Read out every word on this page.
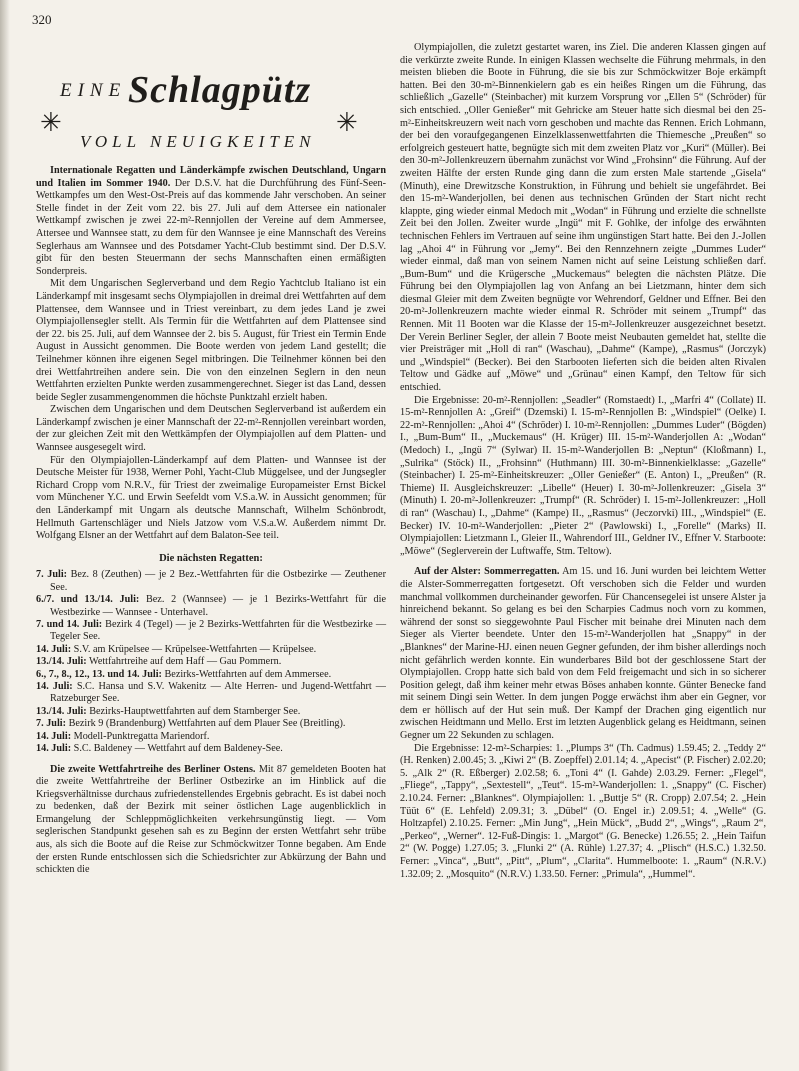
320
EINE Schlagpütz
✳	✳
VOLL NEUIGKEITEN

Internationale Regatten und Länderkämpfe zwischen Deutschland, Ungarn und Italien im Sommer 1940. Der D.S.V. hat die Durchführung des Fünf-Seen-Wettkampfes um den West-Ost-Preis auf das kommende Jahr verschoben. An seiner Stelle findet in der Zeit vom 22. bis 27. Juli auf dem Attersee ein nationaler Wettkampf zwischen je zwei 22-m²-Rennjollen der Vereine auf dem Ammersee, Attersee und Wannsee statt, zu dem für den Wannsee je eine Mannschaft des Vereins Seglerhaus am Wannsee und des Potsdamer Yacht-Club bestimmt sind. Der D.S.V. gibt für den besten Steuermann der sechs Mannschaften einen ermäßigten Sonderpreis.

Mit dem Ungarischen Seglerverband und dem Regio Yachtclub Italiano ist ein Länderkampf mit insgesamt sechs Olympiajollen in dreimal drei Wettfahrten auf dem Plattensee, dem Wannsee und in Triest vereinbart, zu dem jedes Land je zwei Olympiajollensegler stellt. Als Termin für die Wettfahrten auf dem Plattensee sind der 22. bis 25. Juli, auf dem Wannsee der 2. bis 5. August, für Triest ein Termin Ende August in Aussicht genommen. Die Boote werden von jedem Land gestellt; die Teilnehmer können ihre eigenen Segel mitbringen. Die Teilnehmer können bei den drei Wettfahrtreihen andere sein. Die von den einzelnen Seglern in den neun Wettfahrten erzielten Punkte werden zusammengerechnet. Sieger ist das Land, dessen beide Segler zusammengenommen die höchste Punktzahl erzielt haben.

Zwischen dem Ungarischen und dem Deutschen Seglerverband ist außerdem ein Länderkampf zwischen je einer Mannschaft der 22-m²-Rennjollen vereinbart worden, der zur gleichen Zeit mit den Wettkämpfen der Olympiajollen auf dem Platten- und Wannsee ausgesegelt wird.

Für den Olympiajollen-Länderkampf auf dem Platten- und Wannsee ist der Deutsche Meister für 1938, Werner Pohl, Yacht-Club Müggelsee, und der Jungsegler Richard Cropp vom N.R.V., für Triest der zweimalige Europameister Ernst Bickel vom Münchener Y.C. und Erwin Seefeldt vom V.S.a.W. in Aussicht genommen; für den Länderkampf mit Ungarn als deutsche Mannschaft, Wilhelm Schönbrodt, Hellmuth Gartenschläger und Niels Jatzow vom V.S.a.W. Außerdem nimmt Dr. Wolfgang Elsner an der Wettfahrt auf dem Balaton-See teil.

Die nächsten Regatten:
7. Juli: Bez. 8 (Zeuthen) — je 2 Bez.-Wettfahrten für die Ostbezirke — Zeuthener See.
6./7. und 13./14. Juli: Bez. 2 (Wannsee) — je 1 Bezirks-Wettfahrt für die Westbezirke — Wannsee - Unterhavel.
7. und 14. Juli: Bezirk 4 (Tegel) — je 2 Bezirks-Wettfahrten für die Westbezirke — Tegeler See.
14. Juli: S.V. am Krüpelsee — Krüpelsee-Wettfahrten — Krüpelsee.
13./14. Juli: Wettfahrtreihe auf dem Haff — Gau Pommern.
6., 7., 8., 12., 13. und 14. Juli: Bezirks-Wettfahrten auf dem Ammersee.
14. Juli: S.C. Hansa und S.V. Wakenitz — Alte Herren- und Jugend-Wettfahrt — Ratzeburger See.
13./14. Juli: Bezirks-Hauptwettfahrten auf dem Starnberger See.
7. Juli: Bezirk 9 (Brandenburg) Wettfahrten auf dem Plauer See (Breitling).
14. Juli: Modell-Punktregatta Mariendorf.
14. Juli: S.C. Baldeney — Wettfahrt auf dem Baldeney-See.

Die zweite Wettfahrtreihe des Berliner Ostens. Mit 87 gemeldeten Booten hat die zweite Wettfahrtreihe der Berliner Ostbezirke an im Hinblick auf die Kriegsverhältnisse durchaus zufriedenstellendes Ergebnis gebracht. Es ist dabei noch zu bedenken, daß der Bezirk mit seiner östlichen Lage augenblicklich in Ermangelung der Schleppmöglichkeiten verkehrsungünstig liegt. — Vom seglerischen Standpunkt gesehen sah es zu Beginn der ersten Wettfahrt sehr trübe aus, als sich die Boote auf die Reise zur Schmöckwitzer Tonne begaben. Am Ende der ersten Runde entschlossen sich die Schiedsrichter zur Abkürzung der Bahn und schickten die

Olympiajollen, die zuletzt gestartet waren, ins Ziel. Die anderen Klassen gingen auf die verkürzte zweite Runde. In einigen Klassen wechselte die Führung mehrmals, in den meisten blieben die Boote in Führung, die sie bis zur Schmöckwitzer Boje erkämpft hatten. Bei den 30-m²-Binnenkielern gab es ein heißes Ringen um die Führung, das schließlich „Gazelle“ (Steinbacher) mit kurzem Vorsprung vor „Ellen 5“ (Schröder) für sich entschied. „Oller Genießer“ mit Gehricke am Steuer hatte sich diesmal bei den 25-m²-Einheitskreuzern weit nach vorn geschoben und machte das Rennen. Erich Lohmann, der bei den voraufgegangenen Einzelklassenwettfahrten die Thiemesche „Preußen“ so erfolgreich gesteuert hatte, begnügte sich mit dem zweiten Platz vor „Kuri“ (Müller). Bei den 30-m²-Jollenkreuzern übernahm zunächst vor Wind „Frohsinn“ die Führung. Auf der zweiten Hälfte der ersten Runde ging dann die zum ersten Male startende „Gisela“ (Minuth), eine Drewitzsche Konstruktion, in Führung und behielt sie ungefährdet. Bei den 15-m²-Wanderjollen, bei denen aus technischen Gründen der Start nicht recht klappte, ging wieder einmal Medoch mit „Wodan“ in Führung und erzielte die schnellste Zeit bei den Jollen. Zweiter wurde „Ingü“ mit F. Gohlke, der infolge des erwähnten technischen Fehlers im Vertrauen auf seine ihm ungünstigen Start hatte. Bei den J.-Jollen lag „Ahoi 4“ in Führung vor „Jemy“. Bei den Rennzehnern zeigte „Dummes Luder“ wieder einmal, daß man von seinem Namen nicht auf seine Leistung schließen darf. „Bum-Bum“ und die Krügersche „Muckemaus“ belegten die nächsten Plätze. Die Führung bei den Olympiajollen lag von Anfang an bei Lietzmann, hinter dem sich diesmal Gleier mit dem Zweiten begnügte vor Wehrendorf, Geldner und Effner. Bei den 20-m²-Jollenkreuzern machte wieder einmal R. Schröder mit seinem „Trumpf“ das Rennen. Mit 11 Booten war die Klasse der 15-m²-Jollenkreuzer ausgezeichnet besetzt. Der Verein Berliner Segler, der allein 7 Boote meist Neubauten gemeldet hat, stellte die vier Preisträger mit „Holl di ran“ (Waschau), „Dahme“ (Kampe), „Rasmus“ (Jorczyk) und „Windspiel“ (Becker). Bei den Starbooten lieferten sich die beiden alten Rivalen Teltow und Gädke auf „Möwe“ und „Grünau“ einen Kampf, den Teltow für sich entschied.

Die Ergebnisse: 20-m²-Rennjollen: „Seadler“ (Romstaedt) I., „Marfri 4“ (Collate) II. 15-m²-Rennjollen A: „Greif“ (Dzemski) I. 15-m²-Rennjollen B: „Windspiel“ (Oelke) I. 22-m²-Rennjollen: „Ahoi 4“ (Schröder) I. 10-m²-Rennjollen: „Dummes Luder“ (Bögden) I., „Bum-Bum“ II., „Muckemaus“ (H. Krüger) III. 15-m²-Wanderjollen A: „Wodan“ (Medoch) I., „Ingü 7“ (Sylwar) II. 15-m²-Wanderjollen B: „Neptun“ (Kloßmann) I., „Sulrika“ (Stöck) II., „Frohsinn“ (Huthmann) III. 30-m²-Binnenkielklasse: „Gazelle“ (Steinbacher) I. 25-m²-Einheitskreuzer: „Oller Genießer“ (E. Anton) I., „Preußen“ (R. Thieme) II. Ausgleichskreuzer: „Libelle“ (Heuer) I. 30-m²-Jollenkreuzer: „Gisela 3“ (Minuth) I. 20-m²-Jollenkreuzer: „Trumpf“ (R. Schröder) I. 15-m²-Jollenkreuzer: „Holl di ran“ (Waschau) I., „Dahme“ (Kampe) II., „Rasmus“ (Jeczorvki) III., „Windspiel“ (E. Becker) IV. 10-m²-Wanderjollen: „Pieter 2“ (Pawlowski) I., „Forelle“ (Marks) II. Olympiajollen: Lietzmann I., Gleier II., Wahrendorf III., Geldner IV., Effner V. Starboote: „Möwe“ (Seglerverein der Luftwaffe, Stm. Teltow).

Auf der Alster: Sommerregatten. Am 15. und 16. Juni wurden bei leichtem Wetter die Alster-Sommerregatten fortgesetzt. Oft verschoben sich die Felder und wurden manchmal vollkommen durcheinander geworfen. Für Chancensegelei ist unsere Alster ja hinreichend bekannt. So gelang es bei den Scharpies Cadmus noch vorn zu kommen, während der sonst so sieggewohnte Paul Fischer mit beinahe drei Minuten nach dem Sieger als Vierter beendete. Unter den 15-m²-Wanderjollen hat „Snappy“ in der „Blanknes“ der Marine-HJ. einen neuen Gegner gefunden, der ihm bisher allerdings noch nicht gefährlich werden konnte. Ein wunderbares Bild bot der geschlossene Start der Olympiajollen. Cropp hatte sich bald von dem Feld freigemacht und sich in so sicherer Position gelegt, daß ihm keiner mehr etwas Böses anhaben konnte. Günter Benecke fand mit seinem Dingi sein Wetter. In dem jungen Pogge erwächst ihm aber ein Gegner, vor dem er höllisch auf der Hut sein muß. Der Kampf der Drachen ging eigentlich nur zwischen Heidtmann und Mello. Erst im letzten Augenblick gelang es Heidtmann, seinen Gegner um 22 Sekunden zu schlagen.

Die Ergebnisse: 12-m²-Scharpies: 1. „Plumps 3“ (Th. Cadmus) 1.59.45; 2. „Teddy 2“ (H. Renken) 2.00.45; 3. „Kiwi 2“ (B. Zoepffel) 2.01.14; 4. „Apecist“ (P. Fischer) 2.02.20; 5. „Alk 2“ (R. Eßberger) 2.02.58; 6. „Toni 4“ (I. Gahde) 2.03.29. Ferner: „Flegel“, „Fliege“, „Tappy“, „Sextestell“, „Teut“. 15-m²-Wanderjollen: 1. „Snappy“ (C. Fischer) 2.10.24. Ferner: „Blanknes“. Olympiajollen: 1. „Buttje 5“ (R. Cropp) 2.07.54; 2. „Hein Tüüt 6“ (E. Lehfeld) 2.09.31; 3. „Dübel“ (O. Engel ir.) 2.09.51; 4. „Welle“ (G. Holtzapfel) 2.10.25. Ferner: „Min Jung“, „Hein Mück“, „Budd 2“, „Wings“, „Raum 2“, „Perkeo“, „Werner“. 12-Fuß-Dingis: 1. „Margot“ (G. Benecke) 1.26.55; 2. „Hein Taifun 2“ (W. Pogge) 1.27.05; 3. „Flunki 2“ (A. Rühle) 1.27.37; 4. „Plisch“ (H.S.C.) 1.32.50. Ferner: „Vinca“, „Butt“, „Pitt“, „Plum“, „Clarita“. Hummelboote: 1. „Raum“ (N.R.V.) 1.32.09; 2. „Mosquito“ (N.R.V.) 1.33.50. Ferner: „Primula“, „Hummel“.
